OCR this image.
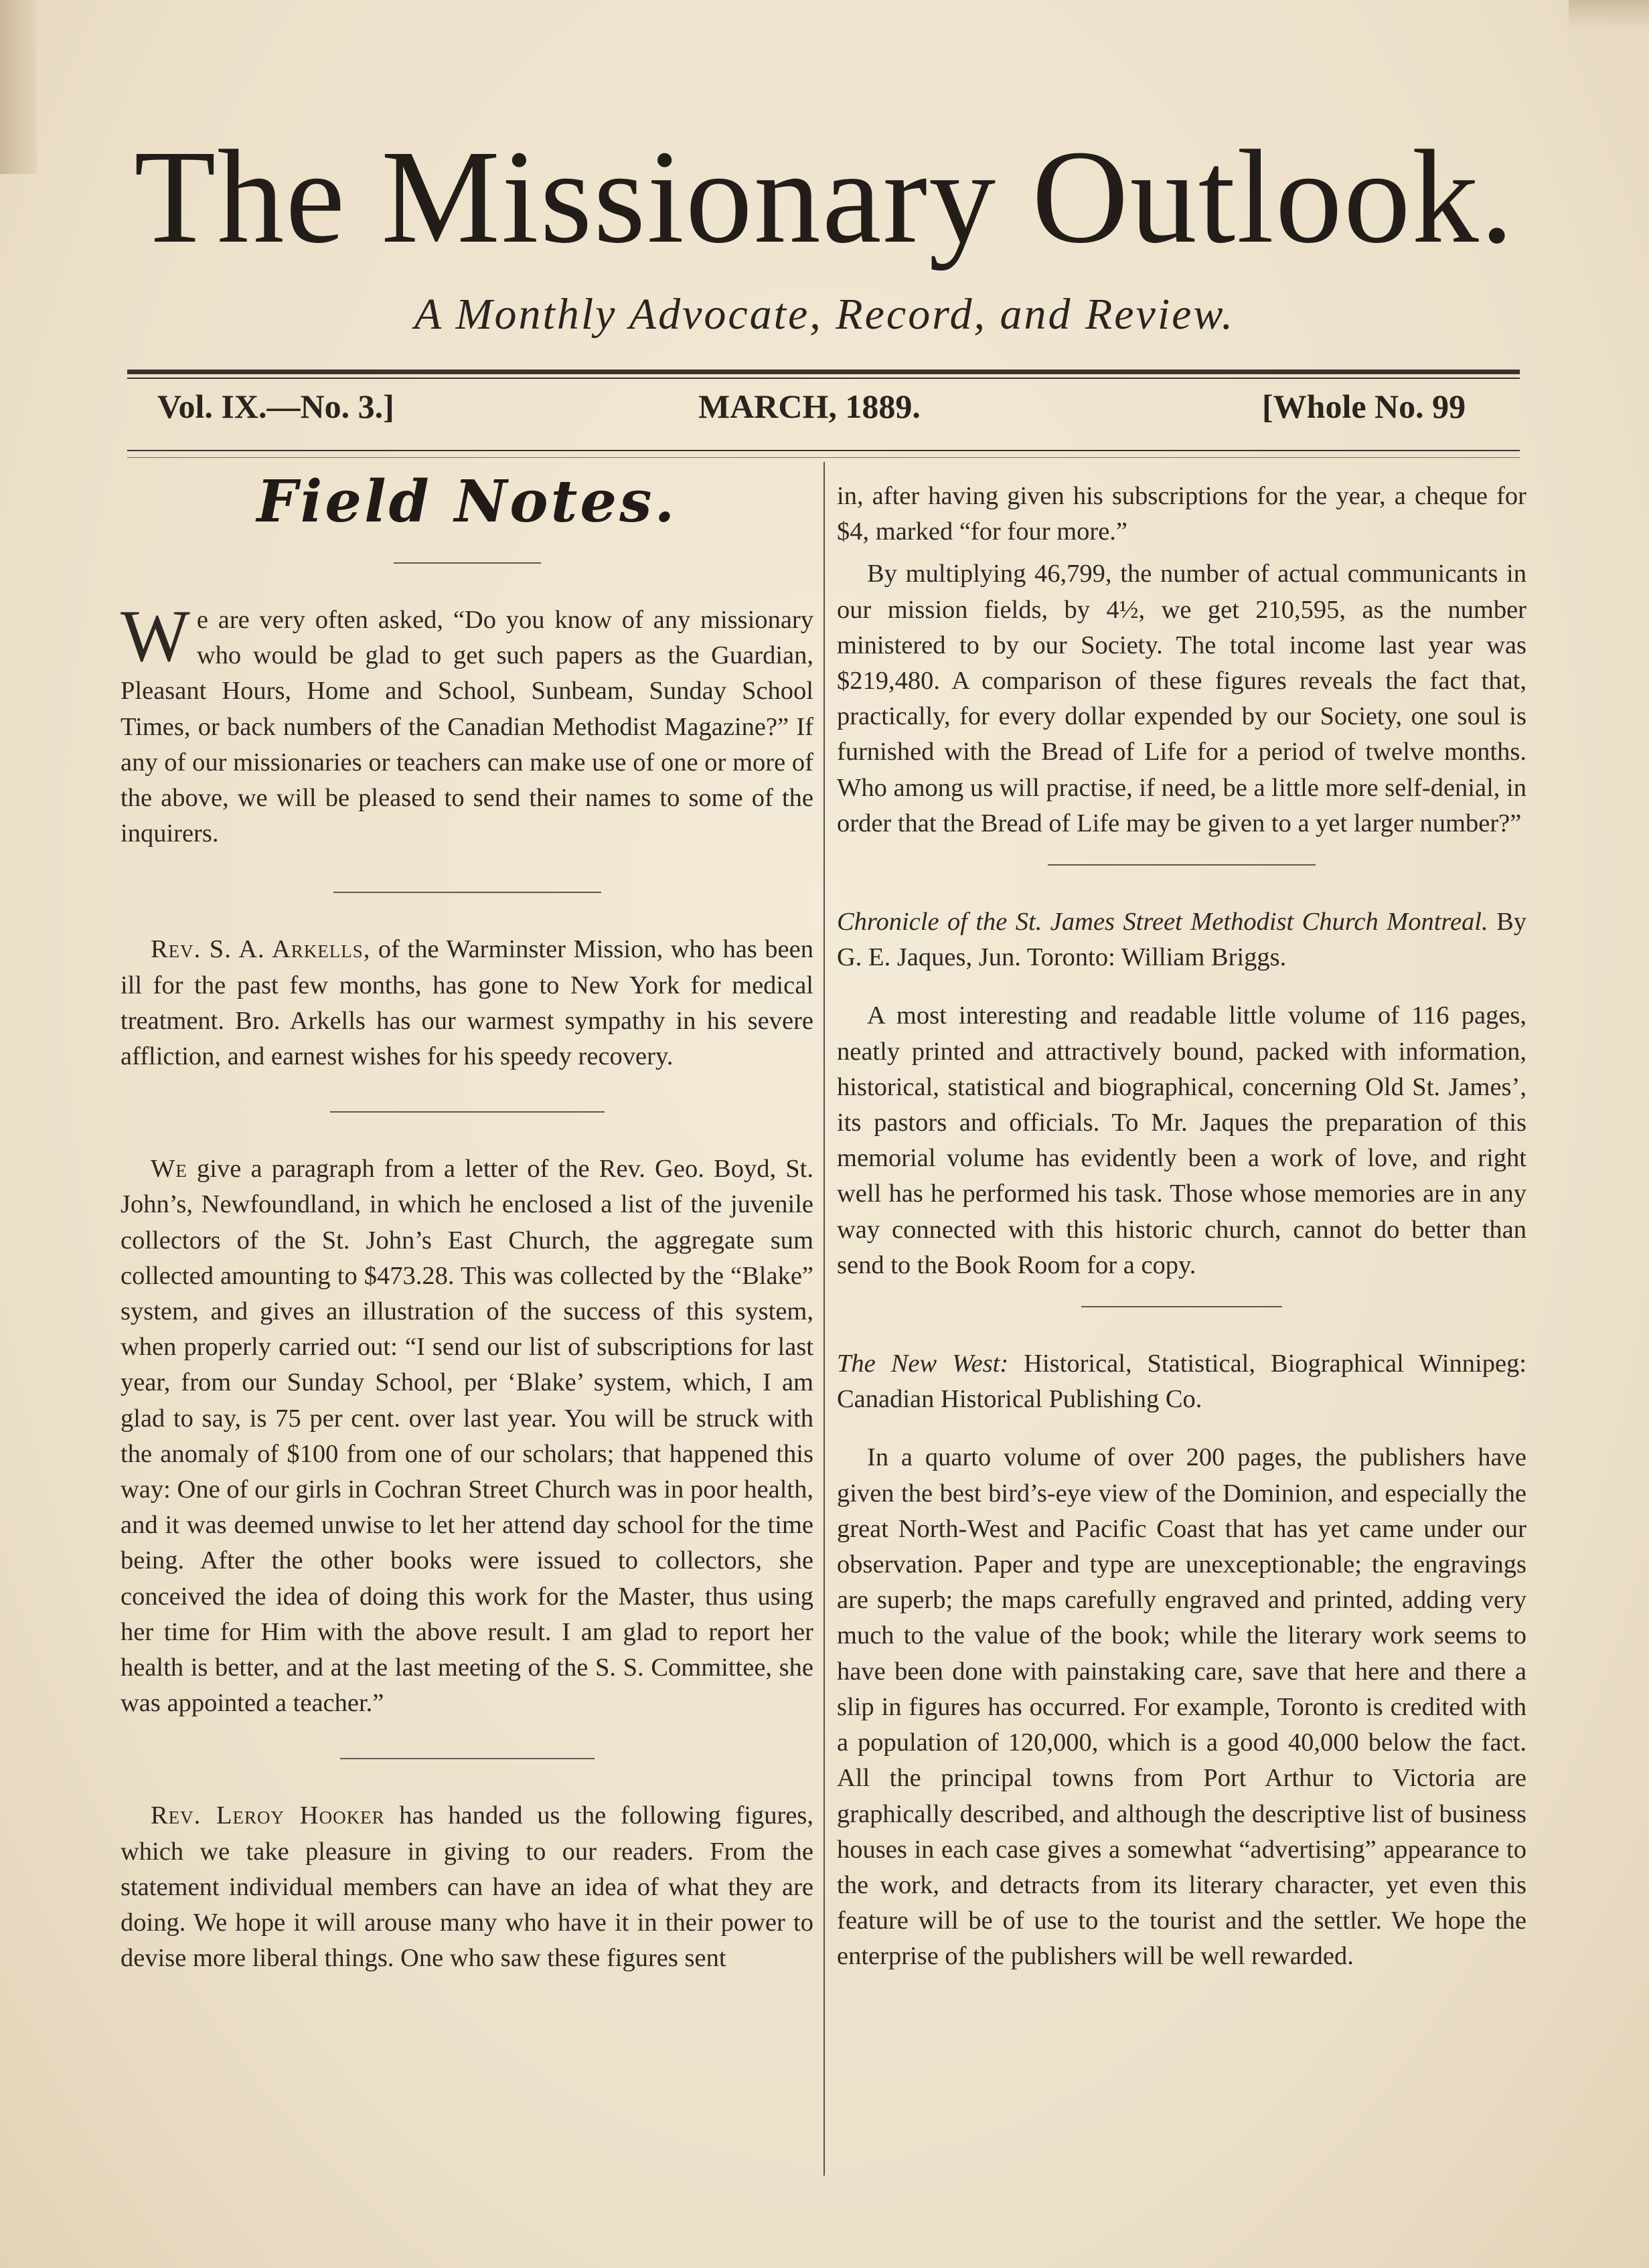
The Missionary Outlook.
A Monthly Advocate, Record, and Review.
Vol. IX.—No. 3.]	MARCH, 1889.	[Whole No. 99
Field Notes.

We are very often asked, “Do you know of any missionary who would be glad to get such papers as the Guardian, Pleasant Hours, Home and School, Sunbeam, Sunday School Times, or back numbers of the Canadian Methodist Magazine?” If any of our missionaries or teachers can make use of one or more of the above, we will be pleased to send their names to some of the inquirers.

Rev. S. A. Arkells, of the Warminster Mission, who has been ill for the past few months, has gone to New York for medical treatment. Bro. Arkells has our warmest sympathy in his severe affliction, and earnest wishes for his speedy recovery.

We give a paragraph from a letter of the Rev. Geo. Boyd, St. John’s, Newfoundland, in which he enclosed a list of the juvenile collectors of the St. John’s East Church, the aggregate sum collected amounting to $473.28. This was collected by the “Blake” system, and gives an illustration of the success of this system, when properly carried out: “I send our list of subscriptions for last year, from our Sunday School, per ‘Blake’ system, which, I am glad to say, is 75 per cent. over last year. You will be struck with the anomaly of $100 from one of our scholars; that happened this way: One of our girls in Cochran Street Church was in poor health, and it was deemed unwise to let her attend day school for the time being. After the other books were issued to collectors, she conceived the idea of doing this work for the Master, thus using her time for Him with the above result. I am glad to report her health is better, and at the last meeting of the S. S. Committee, she was appointed a teacher.”

Rev. Leroy Hooker has handed us the following figures, which we take pleasure in giving to our readers. From the statement individual members can have an idea of what they are doing. We hope it will arouse many who have it in their power to devise more liberal things. One who saw these figures sent

in, after having given his subscriptions for the year, a cheque for $4, marked “for four more.”

By multiplying 46,799, the number of actual communicants in our mission fields, by 4½, we get 210,595, as the number ministered to by our Society. The total income last year was $219,480. A comparison of these figures reveals the fact that, practically, for every dollar expended by our Society, one soul is furnished with the Bread of Life for a period of twelve months. Who among us will practise, if need, be a little more self-denial, in order that the Bread of Life may be given to a yet larger number?”

Chronicle of the St. James Street Methodist Church Montreal. By G. E. Jaques, Jun. Toronto: William Briggs.

A most interesting and readable little volume of 116 pages, neatly printed and attractively bound, packed with information, historical, statistical and biographical, concerning Old St. James’, its pastors and officials. To Mr. Jaques the preparation of this memorial volume has evidently been a work of love, and right well has he performed his task. Those whose memories are in any way connected with this historic church, cannot do better than send to the Book Room for a copy.

The New West: Historical, Statistical, Biographical Winnipeg: Canadian Historical Publishing Co.

In a quarto volume of over 200 pages, the publishers have given the best bird’s-eye view of the Dominion, and especially the great North-West and Pacific Coast that has yet came under our observation. Paper and type are unexceptionable; the engravings are superb; the maps carefully engraved and printed, adding very much to the value of the book; while the literary work seems to have been done with painstaking care, save that here and there a slip in figures has occurred. For example, Toronto is credited with a population of 120,000, which is a good 40,000 below the fact. All the principal towns from Port Arthur to Victoria are graphically described, and although the descriptive list of business houses in each case gives a somewhat “advertising” appearance to the work, and detracts from its literary character, yet even this feature will be of use to the tourist and the settler. We hope the enterprise of the publishers will be well rewarded.
